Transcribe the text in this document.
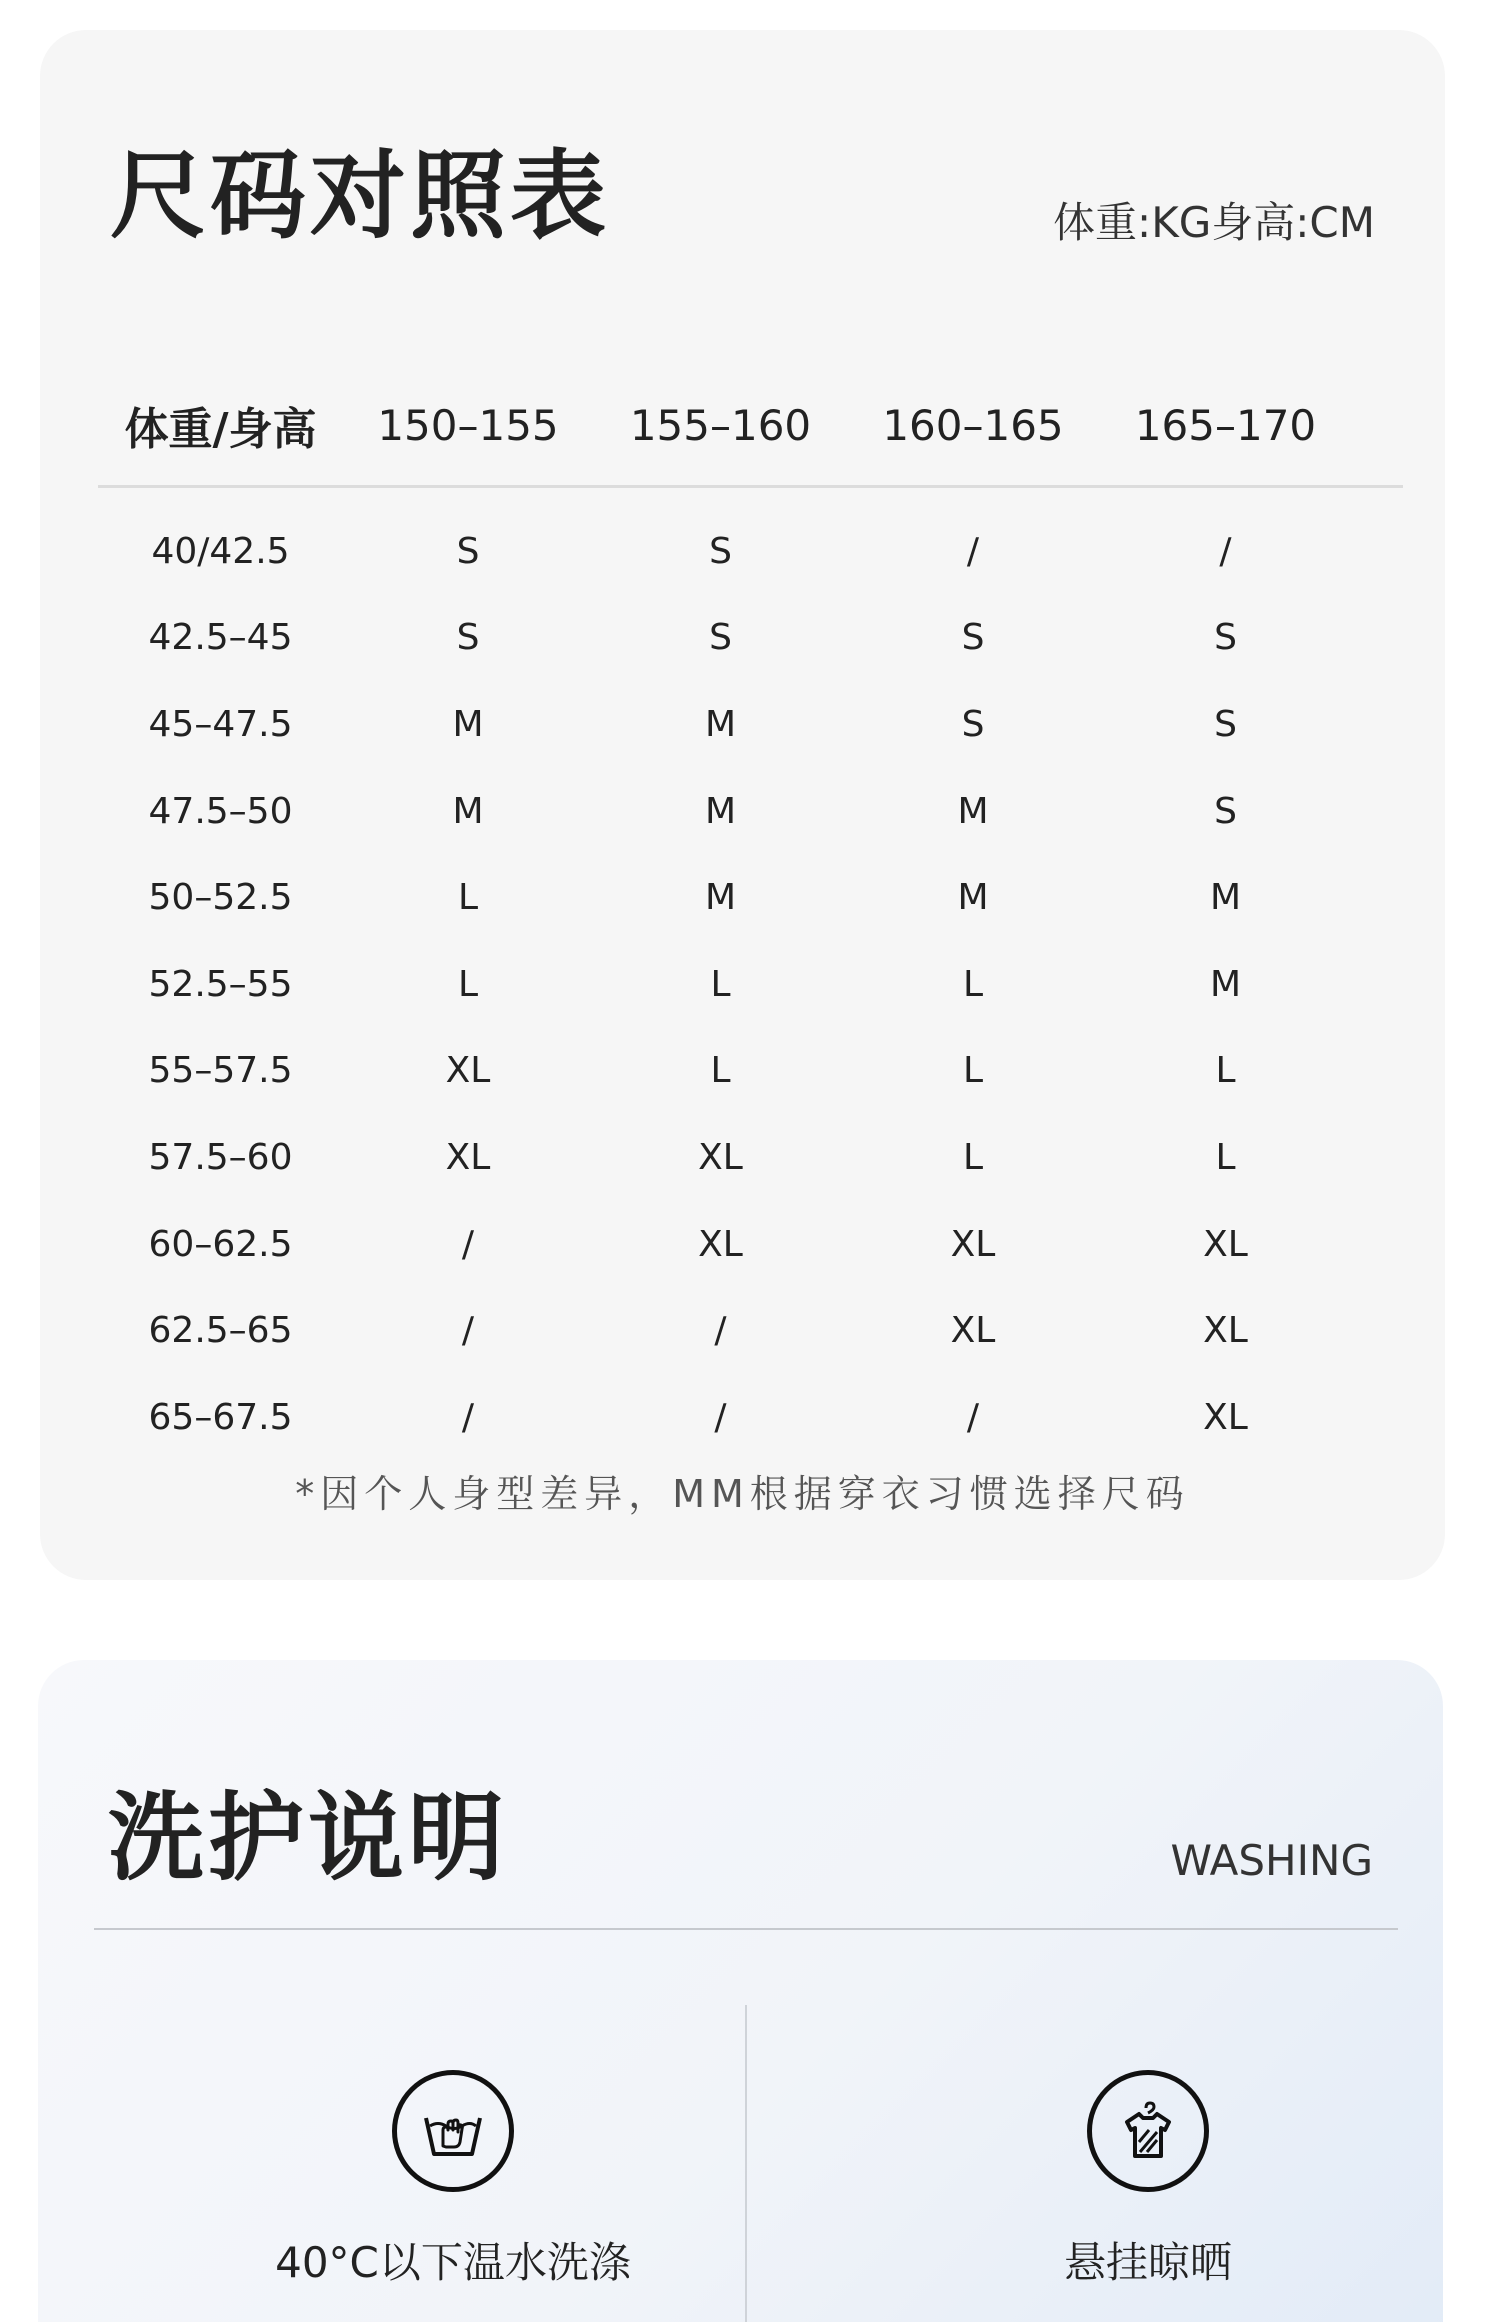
尺码对照表	体重:KG身高:CM
体重/身高	150–155	155–160	160–165	165–170
40/42.5	S	S	/	/
42.5–45	S	S	S	S
45–47.5	M	M	S	S
47.5–50	M	M	M	S
50–52.5	L	M	M	M
52.5–55	L	L	L	M
55–57.5	XL	L	L	L
57.5–60	XL	XL	L	L
60–62.5	/	XL	XL	XL
62.5–65	/	/	XL	XL
65–67.5	/	/	/	XL
*因个人身型差异，MM根据穿衣习惯选择尺码
洗护说明	WASHING
40°C以下温水洗涤	悬挂晾晒
